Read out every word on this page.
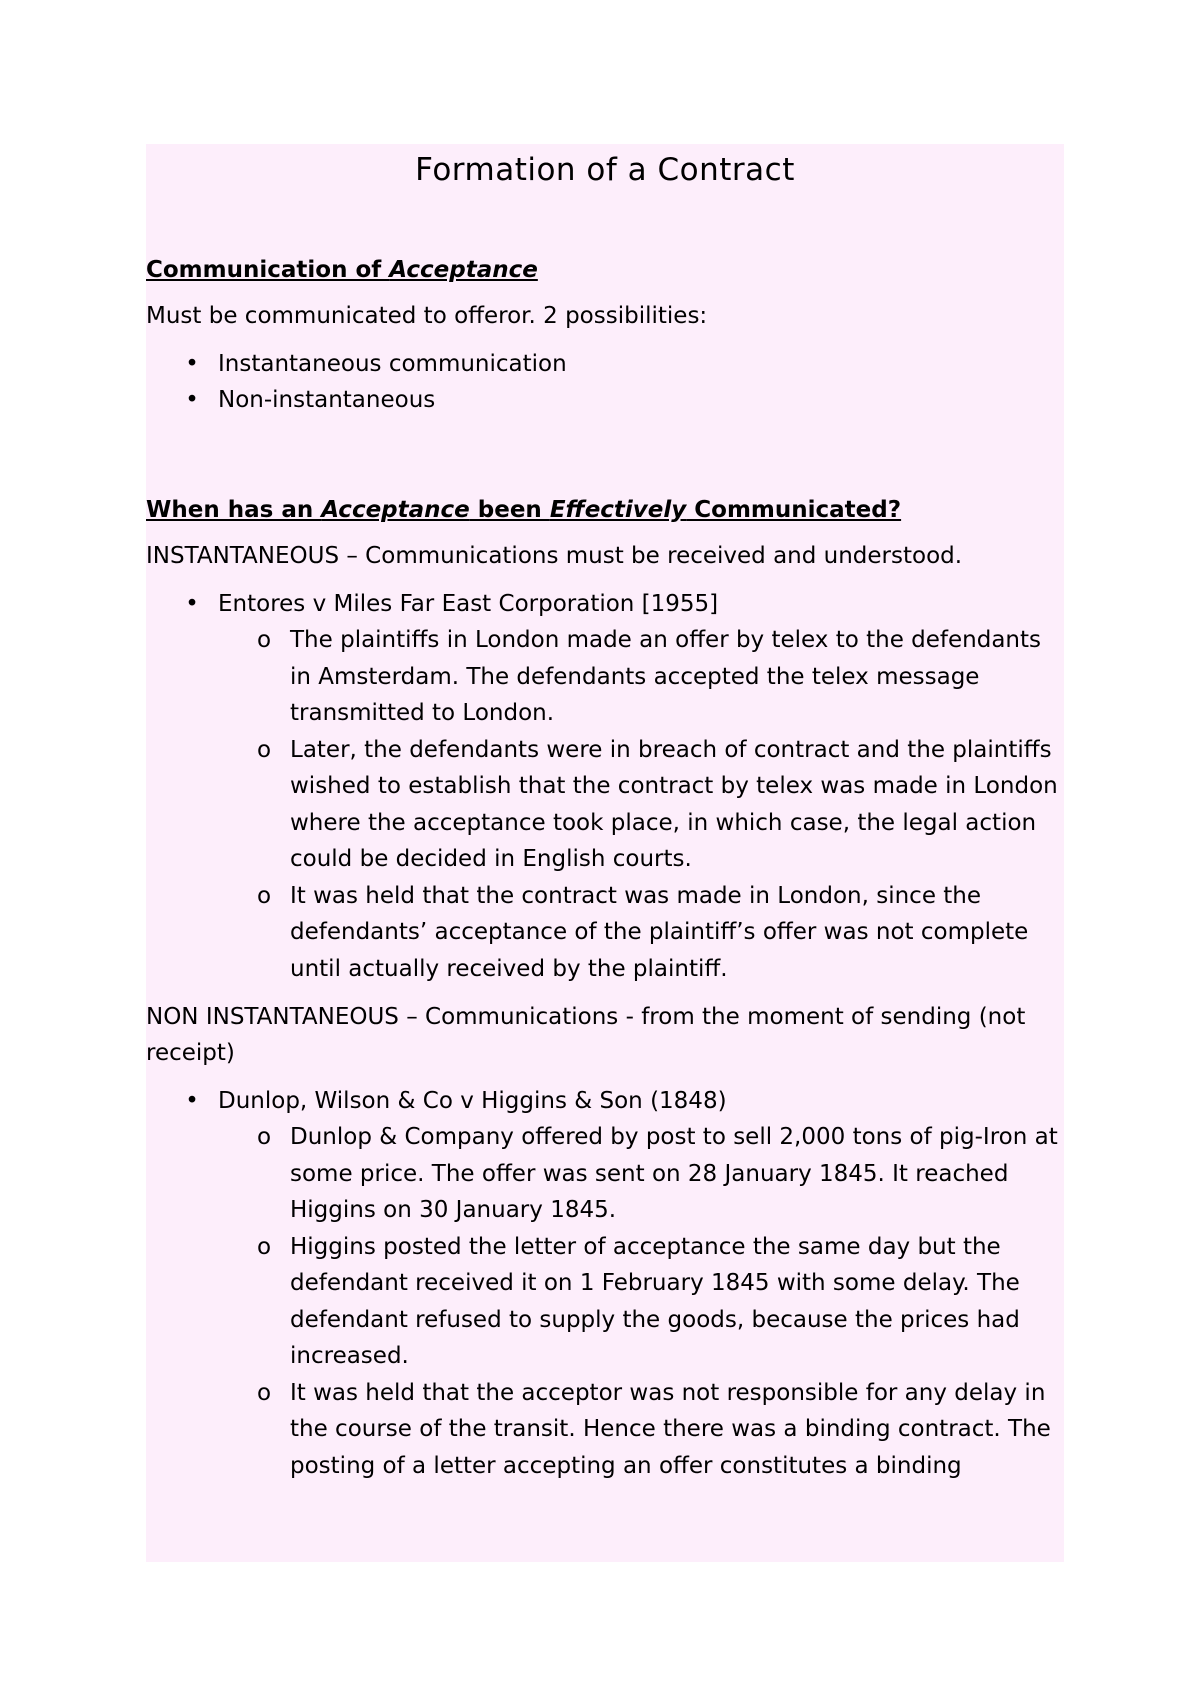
Formation of a Contract
Communication of Acceptance

Must be communicated to offeror. 2 possibilities:

• Instantaneous communication
• Non-instantaneous
When has an Acceptance been Effectively Communicated?

INSTANTANEOUS – Communications must be received and understood.

• Entores v Miles Far East Corporation [1955]
o The plaintiffs in London made an offer by telex to the defendants in Amsterdam. The defendants accepted the telex message transmitted to London.
o Later, the defendants were in breach of contract and the plaintiffs wished to establish that the contract by telex was made in London where the acceptance took place, in which case, the legal action could be decided in English courts.
o It was held that the contract was made in London, since the defendants’ acceptance of the plaintiff’s offer was not complete until actually received by the plaintiff.

NON INSTANTANEOUS – Communications - from the moment of sending (not receipt)

• Dunlop, Wilson & Co v Higgins & Son (1848)
o Dunlop & Company offered by post to sell 2,000 tons of pig-Iron at some price. The offer was sent on 28 January 1845. It reached Higgins on 30 January 1845.
o Higgins posted the letter of acceptance the same day but the defendant received it on 1 February 1845 with some delay. The defendant refused to supply the goods, because the prices had increased.
o It was held that the acceptor was not responsible for any delay in the course of the transit. Hence there was a binding contract. The posting of a letter accepting an offer constitutes a binding
